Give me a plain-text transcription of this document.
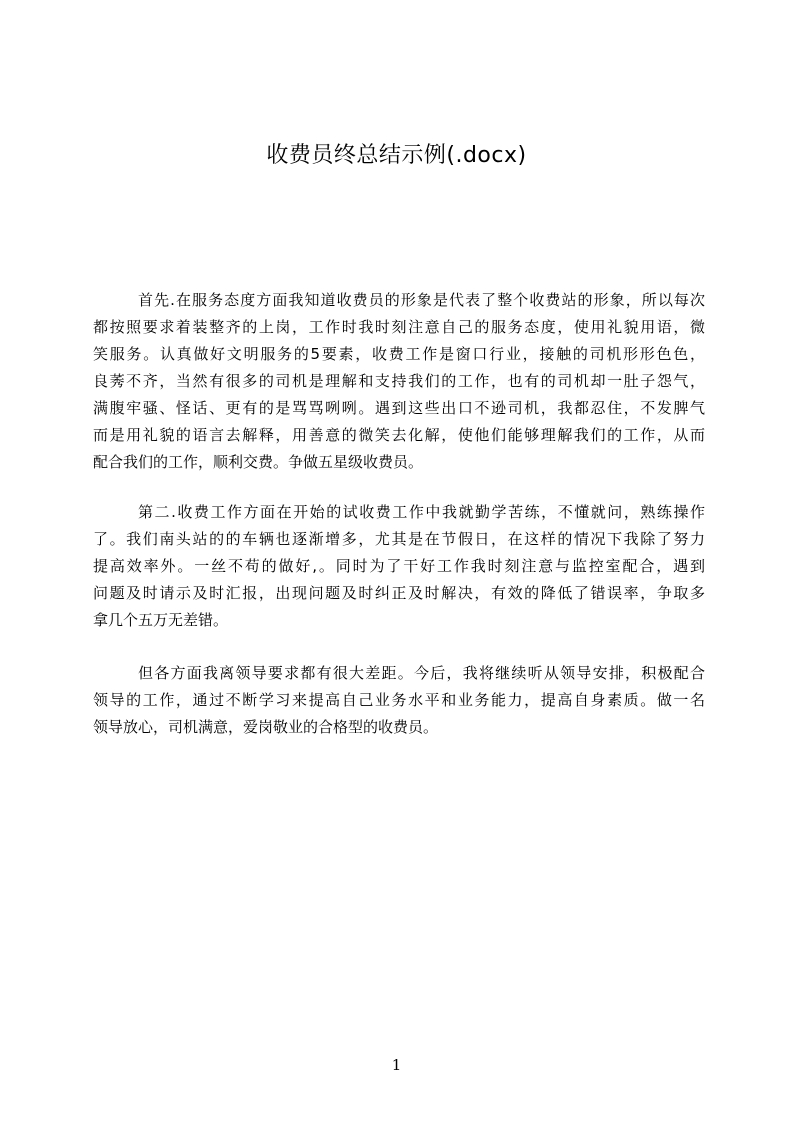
收费员终总结示例(.docx)

首先.在服务态度方面我知道收费员的形象是代表了整个收费站的形象，所以每次
都按照要求着装整齐的上岗，工作时我时刻注意自己的服务态度，使用礼貌用语，微
笑服务。认真做好文明服务的5要素，收费工作是窗口行业，接触的司机形形色色，
良莠不齐，当然有很多的司机是理解和支持我们的工作，也有的司机却一肚子怨气，
满腹牢骚、怪话、更有的是骂骂咧咧。遇到这些出口不逊司机，我都忍住，不发脾气
而是用礼貌的语言去解释，用善意的微笑去化解，使他们能够理解我们的工作，从而
配合我们的工作，顺利交费。争做五星级收费员。

第二.收费工作方面在开始的试收费工作中我就勤学苦练，不懂就问，熟练操作
了。我们南头站的的车辆也逐渐增多，尤其是在节假日，在这样的情况下我除了努力
提高效率外。一丝不苟的做好,。同时为了干好工作我时刻注意与监控室配合，遇到
问题及时请示及时汇报，出现问题及时纠正及时解决，有效的降低了错误率，争取多
拿几个五万无差错。

但各方面我离领导要求都有很大差距。今后，我将继续听从领导安排，积极配合
领导的工作，通过不断学习来提高自己业务水平和业务能力，提高自身素质。做一名
领导放心，司机满意，爱岗敬业的合格型的收费员。

1
